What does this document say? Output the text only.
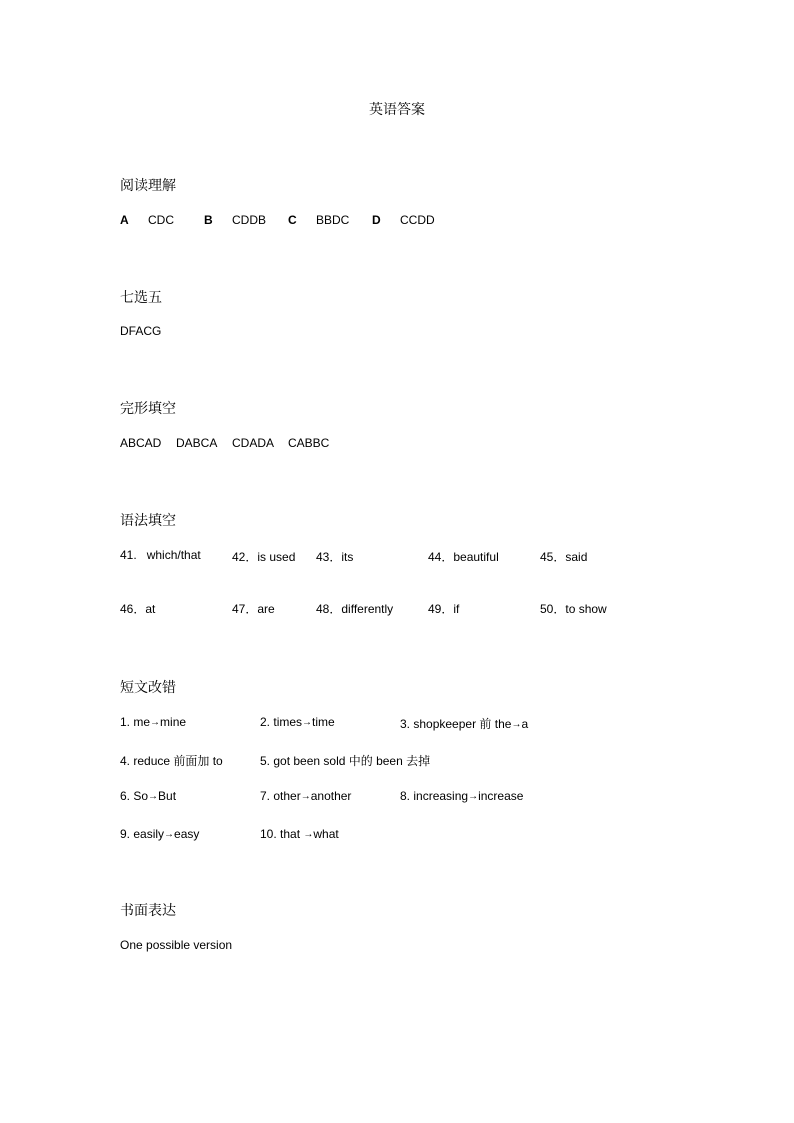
英语答案
阅读理解
A CDC	B CDDB C BBDC D CCDD
七选五
DFACG
完形填空
ABCAD DABCA CDADA CABBC
语法填空
41. which/that	42．is used 43．its	44．beautiful	45．said
46．at	47．are	48．differently	49．if	50．to show
短文改错
1. me→mine	2. times→time	3. shopkeeper 前 the→a
4. reduce 前面加 to	5. got been sold 中的 been 去掉
6. So→But	7. other→another	8. increasing→increase
9. easily→easy	10. that →what
书面表达
One possible version
